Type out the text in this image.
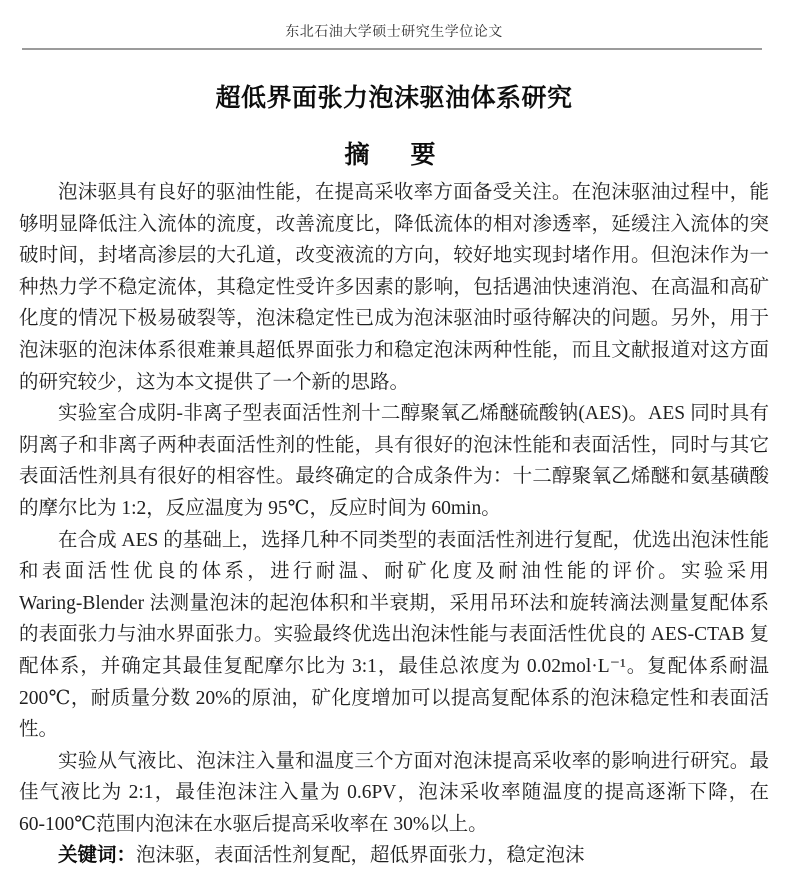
东北石油大学硕士研究生学位论文
超低界面张力泡沫驱油体系研究
摘　要

泡沫驱具有良好的驱油性能，在提高采收率方面备受关注。在泡沫驱油过程中，能够明显降低注入流体的流度，改善流度比，降低流体的相对渗透率，延缓注入流体的突破时间，封堵高渗层的大孔道，改变液流的方向，较好地实现封堵作用。但泡沫作为一种热力学不稳定流体，其稳定性受许多因素的影响，包括遇油快速消泡、在高温和高矿化度的情况下极易破裂等，泡沫稳定性已成为泡沫驱油时亟待解决的问题。另外，用于泡沫驱的泡沫体系很难兼具超低界面张力和稳定泡沫两种性能，而且文献报道对这方面的研究较少，这为本文提供了一个新的思路。

实验室合成阴-非离子型表面活性剂十二醇聚氧乙烯醚硫酸钠(AES)。AES 同时具有阴离子和非离子两种表面活性剂的性能，具有很好的泡沫性能和表面活性，同时与其它表面活性剂具有很好的相容性。最终确定的合成条件为：十二醇聚氧乙烯醚和氨基磺酸的摩尔比为 1:2，反应温度为 95℃，反应时间为 60min。

在合成 AES 的基础上，选择几种不同类型的表面活性剂进行复配，优选出泡沫性能和表面活性优良的体系，进行耐温、耐矿化度及耐油性能的评价。实验采用 Waring‑Blender 法测量泡沫的起泡体积和半衰期，采用吊环法和旋转滴法测量复配体系的表面张力与油水界面张力。实验最终优选出泡沫性能与表面活性优良的 AES‑CTAB 复配体系，并确定其最佳复配摩尔比为 3:1，最佳总浓度为 0.02mol·L⁻¹。复配体系耐温 200℃，耐质量分数 20%的原油，矿化度增加可以提高复配体系的泡沫稳定性和表面活性。

实验从气液比、泡沫注入量和温度三个方面对泡沫提高采收率的影响进行研究。最佳气液比为 2:1，最佳泡沫注入量为 0.6PV，泡沫采收率随温度的提高逐渐下降，在 60‑100℃范围内泡沫在水驱后提高采收率在 30%以上。

关键词：泡沫驱，表面活性剂复配，超低界面张力，稳定泡沫
